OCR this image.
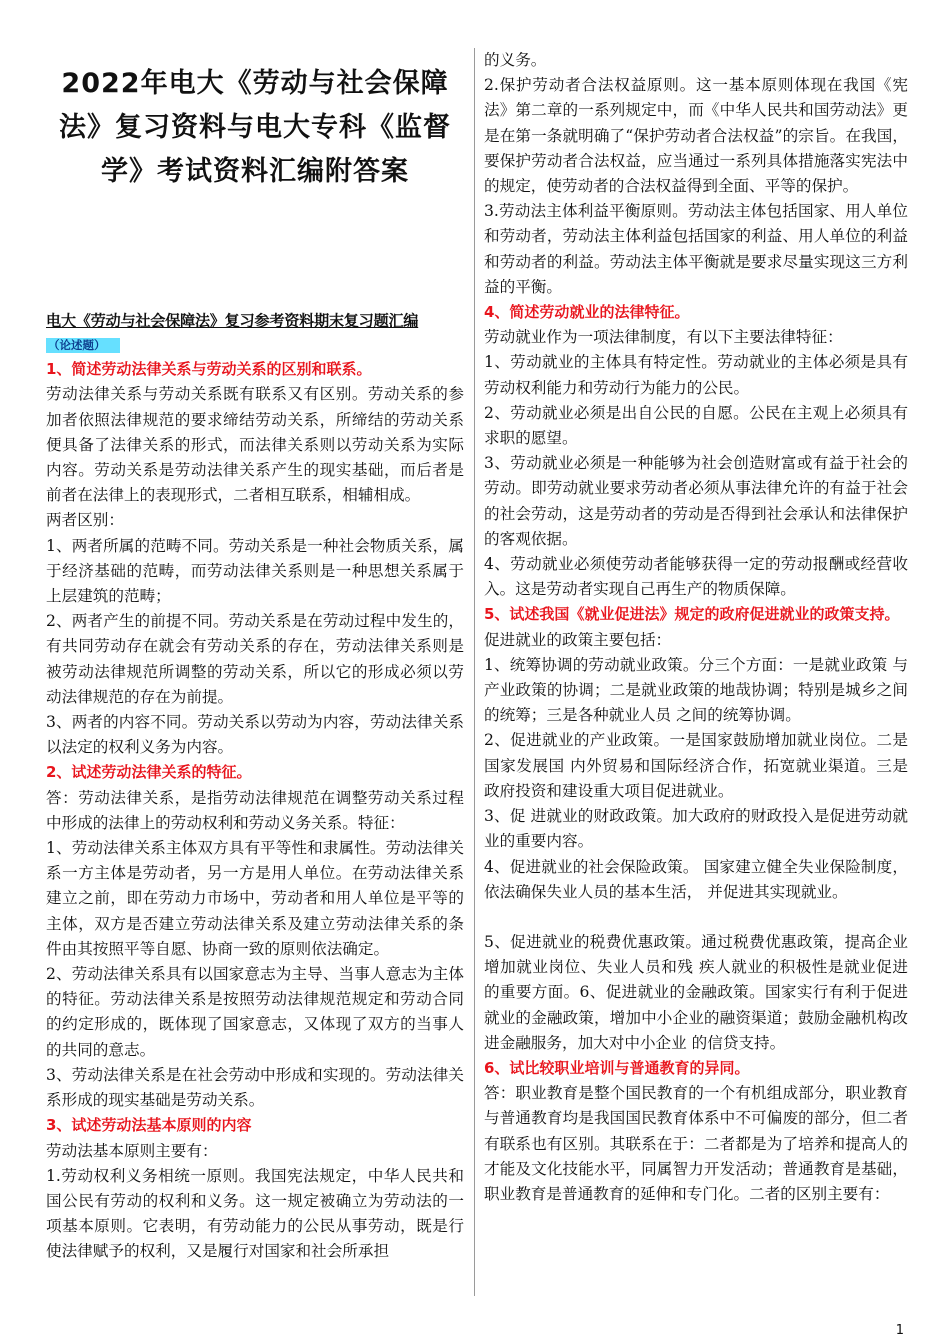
2022年电大《劳动与社会保障法》复习资料与电大专科《监督学》考试资料汇编附答案
电大《劳动与社会保障法》复习参考资料期末复习题汇编
（论述题）
1、简述劳动法律关系与劳动关系的区别和联系。

劳动法律关系与劳动关系既有联系又有区别。劳动关系的参加者依照法律规范的要求缔结劳动关系，所缔结的劳动关系便具备了法律关系的形式，而法律关系则以劳动关系为实际内容。劳动关系是劳动法律关系产生的现实基础，而后者是前者在法律上的表现形式，二者相互联系，相辅相成。

两者区别：

1、两者所属的范畴不同。劳动关系是一种社会物质关系，属于经济基础的范畴，而劳动法律关系则是一种思想关系属于上层建筑的范畴；

2、两者产生的前提不同。劳动关系是在劳动过程中发生的，有共同劳动存在就会有劳动关系的存在，劳动法律关系则是被劳动法律规范所调整的劳动关系，所以它的形成必须以劳动法律规范的存在为前提。

3、两者的内容不同。劳动关系以劳动为内容，劳动法律关系以法定的权利义务为内容。

2、试述劳动法律关系的特征。

答：劳动法律关系，是指劳动法律规范在调整劳动关系过程中形成的法律上的劳动权利和劳动义务关系。特征：

1、劳动法律关系主体双方具有平等性和隶属性。劳动法律关系一方主体是劳动者，另一方是用人单位。在劳动法律关系建立之前，即在劳动力市场中，劳动者和用人单位是平等的主体，双方是否建立劳动法律关系及建立劳动法律关系的条件由其按照平等自愿、协商一致的原则依法确定。

2、劳动法律关系具有以国家意志为主导、当事人意志为主体的特征。劳动法律关系是按照劳动法律规范规定和劳动合同的约定形成的，既体现了国家意志，又体现了双方的当事人的共同的意志。

3、劳动法律关系是在社会劳动中形成和实现的。劳动法律关系形成的现实基础是劳动关系。

3、试述劳动法基本原则的内容

劳动法基本原则主要有：

1.劳动权利义务相统一原则。我国宪法规定，中华人民共和国公民有劳动的权利和义务。这一规定被确立为劳动法的一项基本原则。它表明，有劳动能力的公民从事劳动，既是行使法律赋予的权利，又是履行对国家和社会所承担

的义务。

2.保护劳动者合法权益原则。这一基本原则体现在我国《宪法》第二章的一系列规定中，而《中华人民共和国劳动法》更是在第一条就明确了“保护劳动者合法权益”的宗旨。在我国，要保护劳动者合法权益，应当通过一系列具体措施落实宪法中的规定，使劳动者的合法权益得到全面、平等的保护。

3.劳动法主体利益平衡原则。劳动法主体包括国家、用人单位和劳动者，劳动法主体利益包括国家的利益、用人单位的利益和劳动者的利益。劳动法主体平衡就是要求尽量实现这三方利益的平衡。

4、简述劳动就业的法律特征。

劳动就业作为一项法律制度，有以下主要法律特征：

1、劳动就业的主体具有特定性。劳动就业的主体必须是具有劳动权利能力和劳动行为能力的公民。

2、劳动就业必须是出自公民的自愿。公民在主观上必须具有求职的愿望。

3、劳动就业必须是一种能够为社会创造财富或有益于社会的劳动。即劳动就业要求劳动者必须从事法律允许的有益于社会的社会劳动，这是劳动者的劳动是否得到社会承认和法律保护的客观依据。

4、劳动就业必须使劳动者能够获得一定的劳动报酬或经营收入。这是劳动者实现自己再生产的物质保障。

5、试述我国《就业促进法》规定的政府促进就业的政策支持。

促进就业的政策主要包括：

1、统筹协调的劳动就业政策。分三个方面：一是就业政策 与产业政策的协调；二是就业政策的地哉协调；特别是城乡之间的统筹；三是各种就业人员 之间的统筹协调。

2、促进就业的产业政策。一是国家鼓励增加就业岗位。二是国家发展国 内外贸易和国际经济合作，拓宽就业渠道。三是政府投资和建设重大项目促进就业。

3、促 进就业的财政政策。加大政府的财政投入是促进劳动就业的重要内容。

4、促进就业的社会保险政策。 国家建立健全失业保险制度， 依法确保失业人员的基本生活， 并促进其实现就业。

5、促进就业的税费优惠政策。通过税费优惠政策，提高企业增加就业岗位、失业人员和残 疾人就业的积极性是就业促进的重要方面。6、促进就业的金融政策。国家实行有利于促进 就业的金融政策，增加中小企业的融资渠道；鼓励金融机构改进金融服务，加大对中小企业 的信贷支持。

6、试比较职业培训与普通教育的异同。

答：职业教育是整个国民教育的一个有机组成部分，职业教育与普通教育均是我国国民教育体系中不可偏废的部分，但二者有联系也有区别。其联系在于：二者都是为了培养和提高人的才能及文化技能水平，同属智力开发活动；普通教育是基础，职业教育是普通教育的延伸和专门化。二者的区别主要有：

1
